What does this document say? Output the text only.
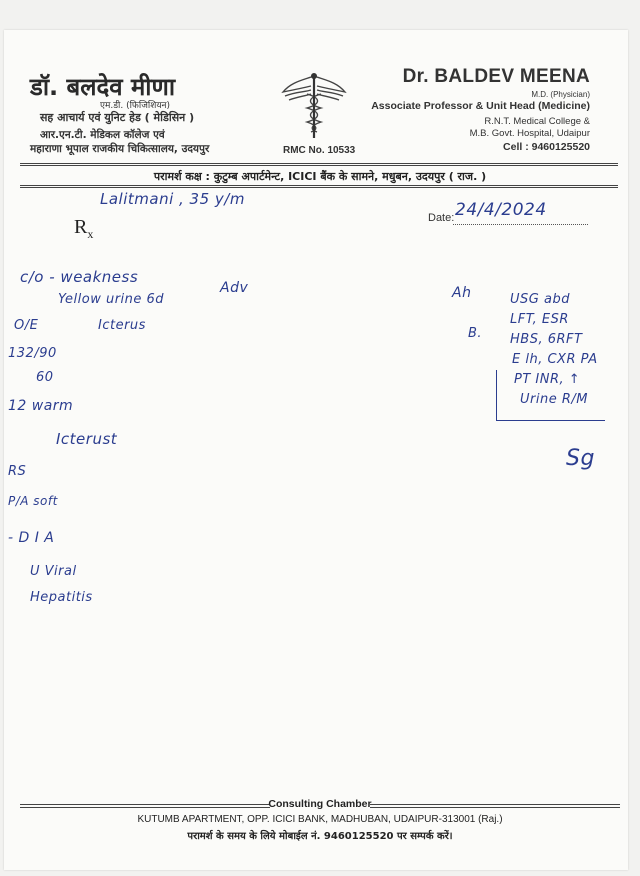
डॉ. बलदेव मीणा
एम.डी. (फिजिशियन)
सह आचार्य एवं युनिट हेड ( मेडिसिन )
आर.एन.टी. मेडिकल कॉलेज एवं
महाराणा भूपाल राजकीय चिकित्सालय, उदयपुर	RMC No. 10533
Dr. BALDEV MEENA
M.D. (Physician)
Associate Professor & Unit Head (Medicine)
R.N.T. Medical College &
M.B. Govt. Hospital, Udaipur
Cell : 9460125520
परामर्श कक्ष : कुटुम्ब अपार्टमेन्ट, ICICI बैंक के सामने, मधुबन, उदयपुर ( राज. )
$R_x$
Date:
Lalitmani , 35 y/m
24/4/2024
c/o - weakness
Yellow urine 6d
O/E	Icterus
132/90
60
12 warm
Icterust
RS
P/A soft
- D I A
U Viral
Hepatitis
Adv	Ah
B.
USG abd
LFT, ESR
HBS, 6RFT
E lh, CXR PA
PT INR, ↑
Urine R/M
Sg
Consulting Chamber
KUTUMB APARTMENT, OPP. ICICI BANK, MADHUBAN, UDAIPUR-313001 (Raj.)
परामर्श के समय के लिये मोबाईल नं. 9460125520 पर सम्पर्क करें।
